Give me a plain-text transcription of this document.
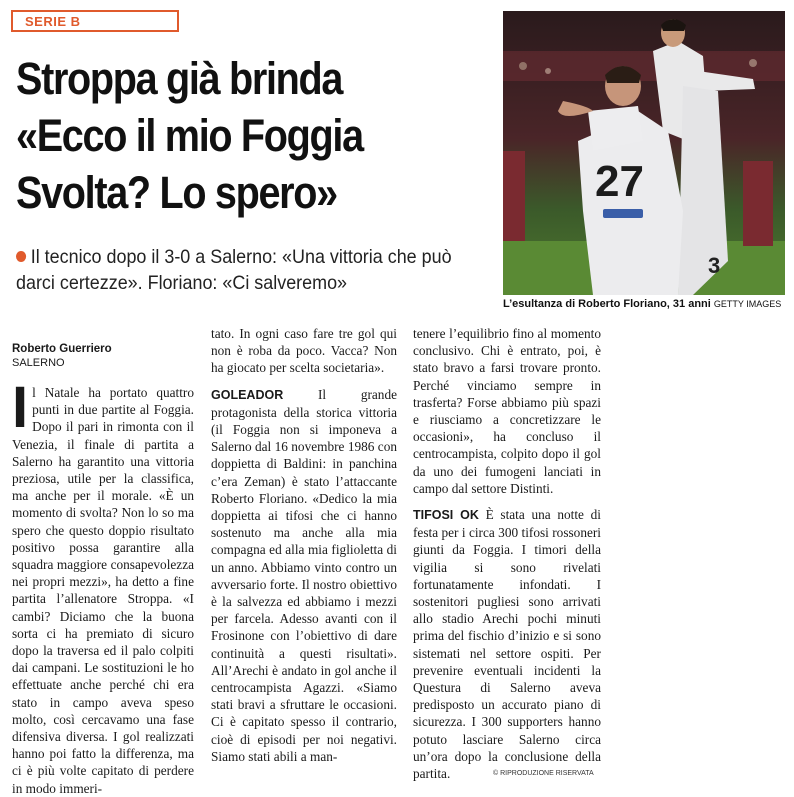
SERIE B
Stroppa già brinda
«Ecco il mio Foggia
Svolta? Lo spero»
Il tecnico dopo il 3-0 a Salerno: «Una vittoria che può darci certezze». Floriano: «Ci salveremo»
27
3
L’esultanza di Roberto Floriano, 31 anni GETTY IMAGES
Roberto Guerriero
SALERNO

Il Natale ha portato quattro punti in due partite al Foggia. Dopo il pari in rimonta con il Venezia, il finale di partita a Salerno ha garantito una vittoria preziosa, utile per la classifica, ma anche per il morale. «È un momento di svolta? Non lo so ma spero che questo doppio risultato positivo possa garantire alla squadra maggiore consapevolezza nei propri mezzi», ha detto a fine partita l’allenatore Stroppa. «I cambi? Diciamo che la buona sorta ci ha premiato di sicuro dopo la traversa ed il palo colpiti dai campani. Le sostituzioni le ho effettuate anche perché chi era stato in campo aveva speso molto, così cercavamo una fase difensiva diversa. I gol realizzati hanno poi fatto la differenza, ma ci è più volte capitato di perdere in modo immeri-

tato. In ogni caso fare tre gol qui non è roba da poco. Vacca? Non ha giocato per scelta societaria».

GOLEADOR	Il grande protagonista della storica vittoria (il Foggia non si imponeva a Salerno dal 16 novembre 1986 con doppietta di Baldini: in panchina c’era Zeman) è stato l’attaccante Roberto Floriano. «Dedico la mia doppietta ai tifosi che ci hanno sostenuto ma anche alla mia compagna ed alla mia figlioletta di un anno. Abbiamo vinto contro un avversario forte. Il nostro obiettivo è la salvezza ed abbiamo i mezzi per farcela. Adesso avanti con il Frosinone con l’obiettivo di dare continuità a questi risultati». All’Arechi è andato in gol anche il centrocampista Agazzi. «Siamo stati bravi a sfruttare le occasioni. Ci è capitato spesso il contrario, cioè di episodi per noi negativi. Siamo stati abili a man-

tenere l’equilibrio fino al momento conclusivo. Chi è entrato, poi, è stato bravo a farsi trovare pronto. Perché vinciamo sempre in trasferta? Forse abbiamo più spazi e riusciamo a concretizzare le occasioni», ha concluso il centrocampista, colpito dopo il gol da uno dei fumogeni lanciati in campo dal settore Distinti.

TIFOSI OK È stata una notte di festa per i circa 300 tifosi rossoneri giunti da Foggia. I timori della vigilia si sono rivelati fortunatamente infondati. I sostenitori pugliesi sono arrivati allo stadio Arechi pochi minuti prima del fischio d’inizio e si sono sistemati nel settore ospiti. Per prevenire eventuali incidenti la Questura di Salerno aveva predisposto un accurato piano di sicurezza. I 300 supporters hanno potuto lasciare Salerno circa un’ora dopo la conclusione della partita.	© RIPRODUZIONE RISERVATA
